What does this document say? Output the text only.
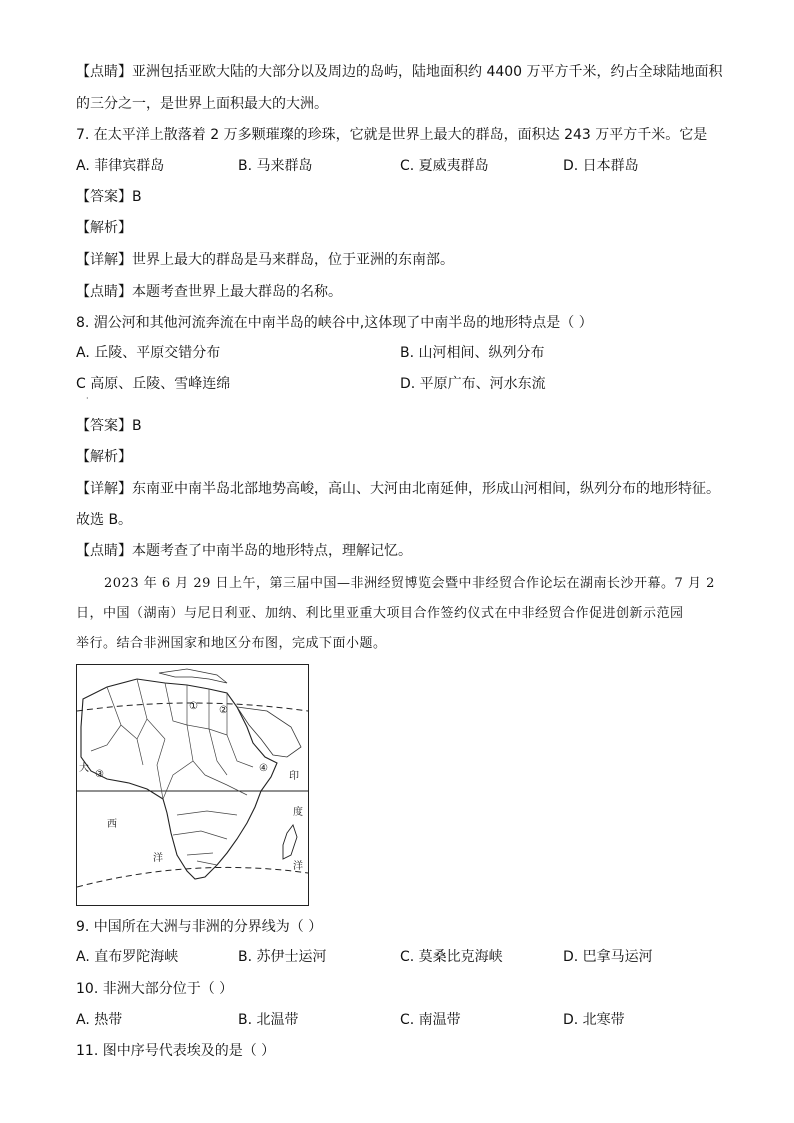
【点睛】亚洲包括亚欧大陆的大部分以及周边的岛屿，陆地面积约 4400 万平方千米，约占全球陆地面积
的三分之一，是世界上面积最大的大洲。
7. 在太平洋上散落着 2 万多颗璀璨的珍珠，它就是世界上最大的群岛，面积达 243 万平方千米。它是
A. 菲律宾群岛	B. 马来群岛	C. 夏威夷群岛	D. 日本群岛
【答案】B
【解析】
【详解】世界上最大的群岛是马来群岛，位于亚洲的东南部。
【点睛】本题考查世界上最大群岛的名称。
8. 湄公河和其他河流奔流在中南半岛的峡谷中,这体现了中南半岛的地形特点是（ ）
A. 丘陵、平原交错分布	B. 山河相间、纵列分布
C 高原、丘陵、雪峰连绵	D. 平原广布、河水东流
·
【答案】B
【解析】
【详解】东南亚中南半岛北部地势高峻，高山、大河由北南延伸，形成山河相间，纵列分布的地形特征。
故选 B。
【点睛】本题考查了中南半岛的地形特点，理解记忆。
2023 年 6 月 29 日上午，第三届中国—非洲经贸博览会暨中非经贸合作论坛在湖南长沙开幕。7 月 2
日，中国（湖南）与尼日利亚、加纳、利比里亚重大项目合作签约仪式在中非经贸合作促进创新示范园
举行。结合非洲国家和地区分布图，完成下面小题。
① ②
③
④
大
西
洋
印
度
洋
9. 中国所在大洲与非洲的分界线为（ ）
A. 直布罗陀海峡	B. 苏伊士运河	C. 莫桑比克海峡	D. 巴拿马运河
10. 非洲大部分位于（ ）
A. 热带	B. 北温带	C. 南温带	D. 北寒带
11. 图中序号代表埃及的是（ ）
